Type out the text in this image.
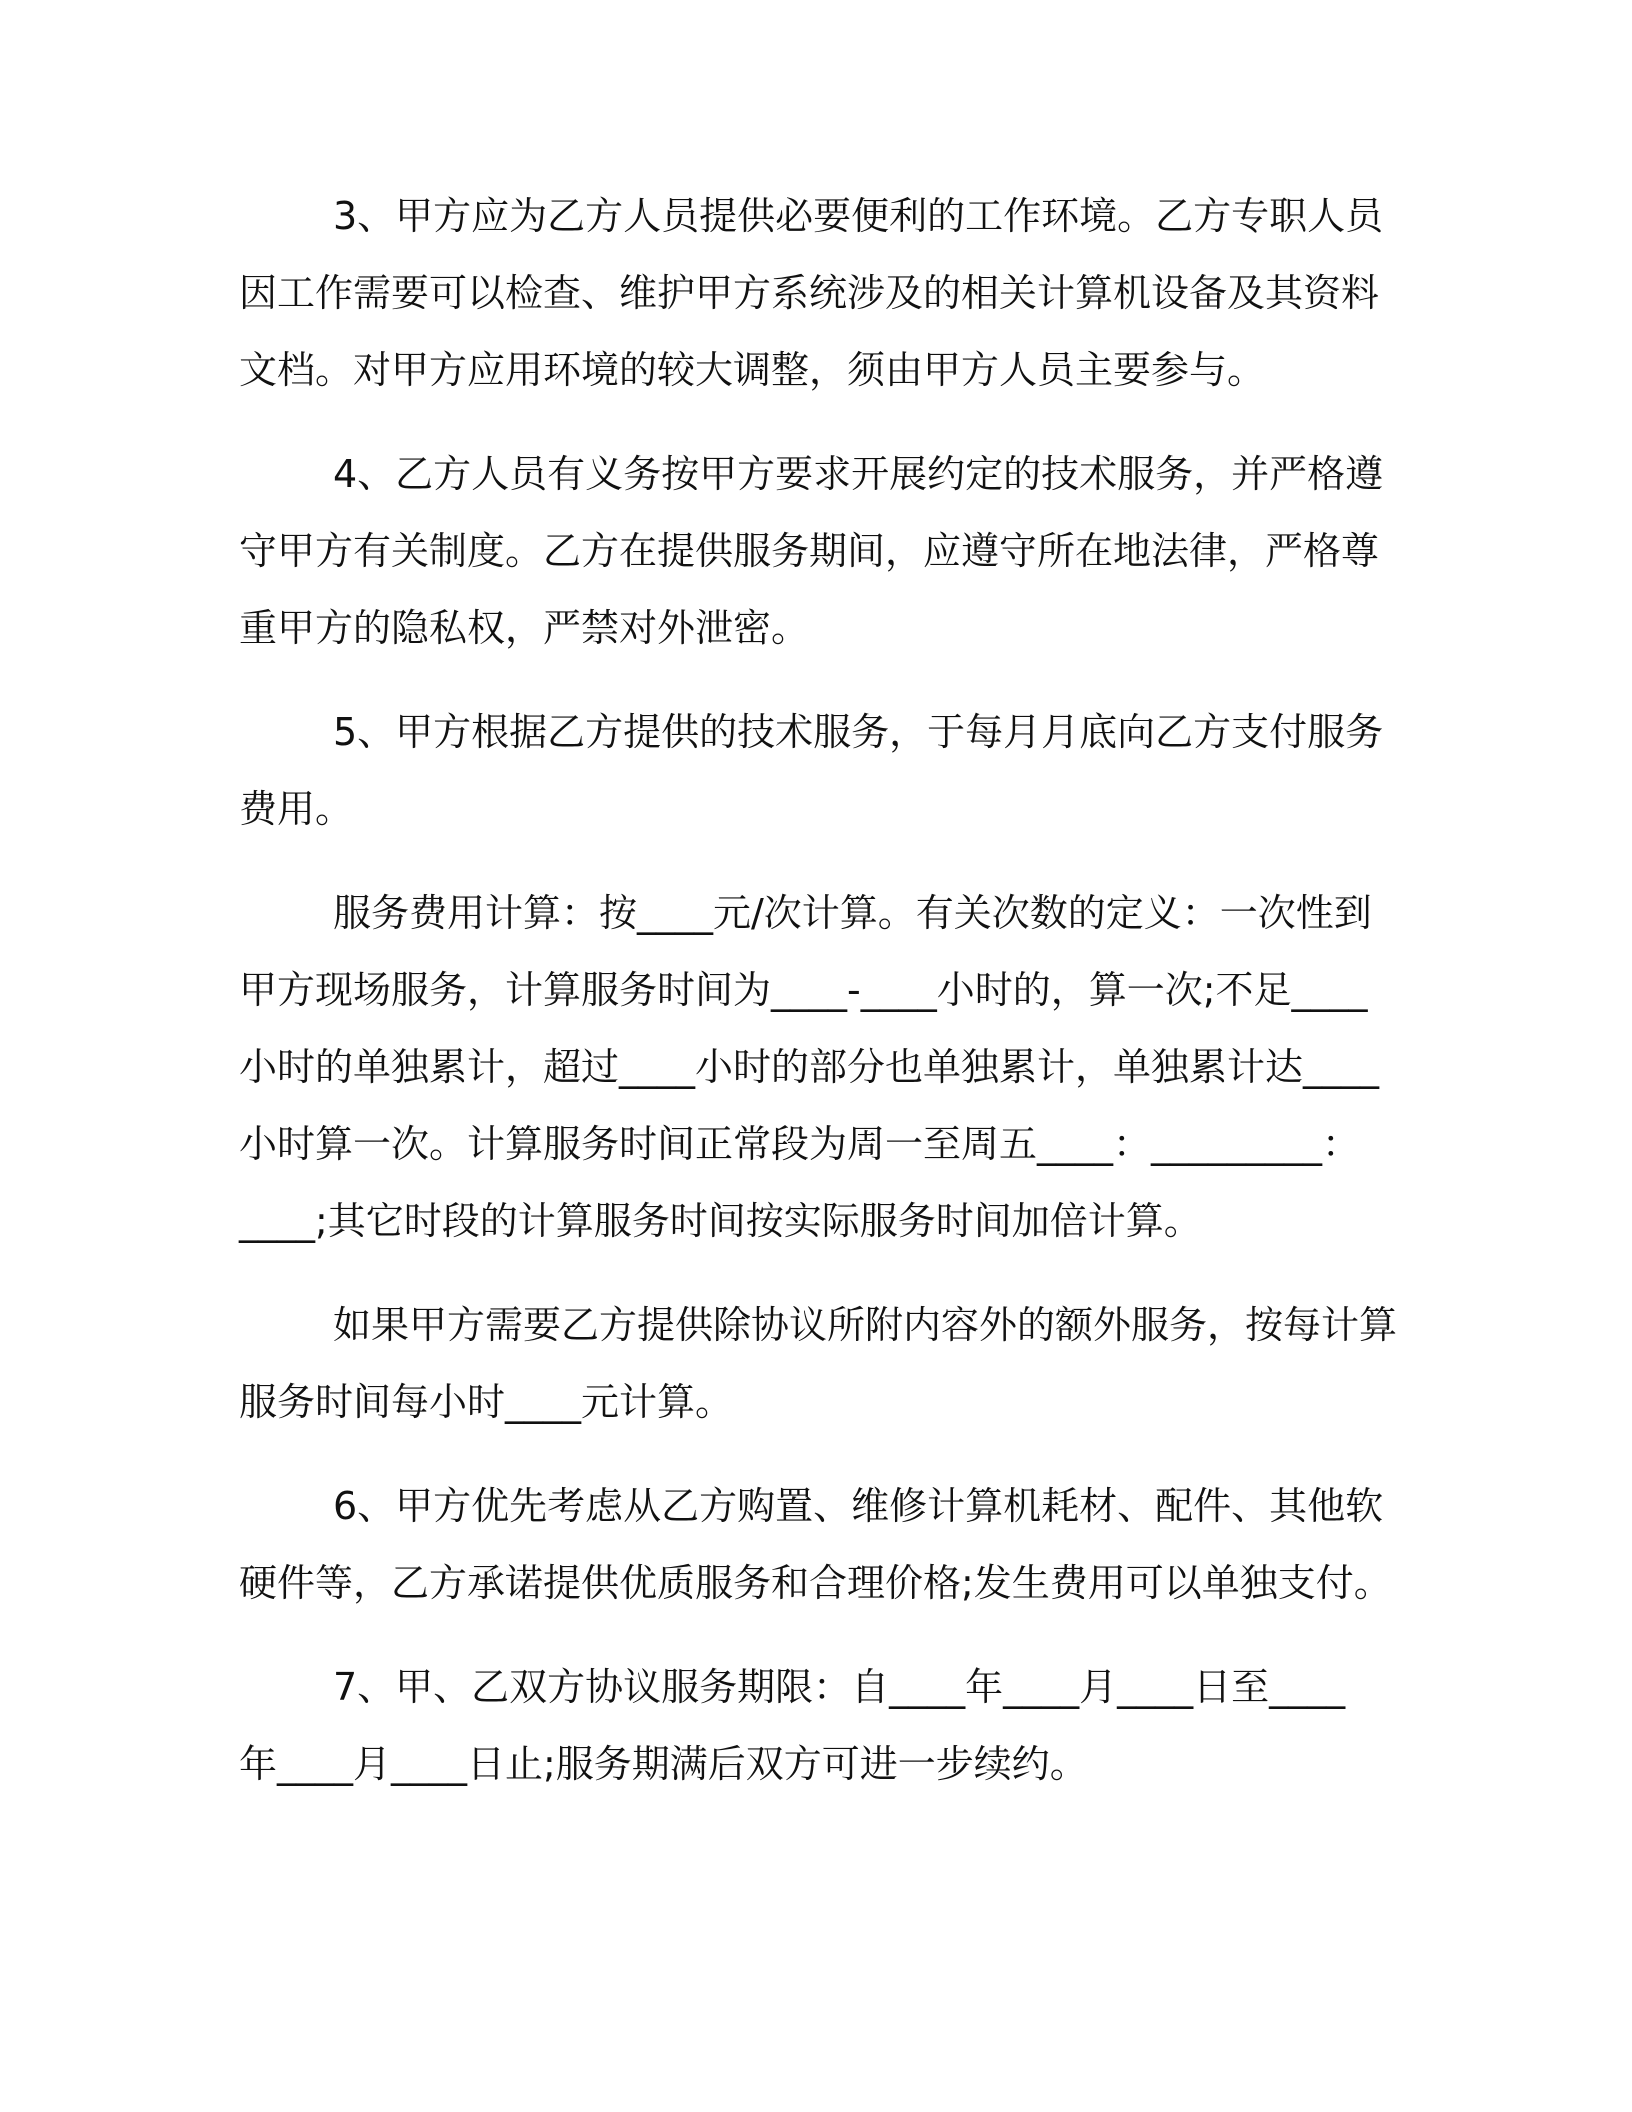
3、甲方应为乙方人员提供必要便利的工作环境。乙方专职人员

因工作需要可以检查、维护甲方系统涉及的相关计算机设备及其资料

文档。对甲方应用环境的较大调整，须由甲方人员主要参与。

4、乙方人员有义务按甲方要求开展约定的技术服务，并严格遵

守甲方有关制度。乙方在提供服务期间，应遵守所在地法律，严格尊

重甲方的隐私权，严禁对外泄密。

5、甲方根据乙方提供的技术服务，于每月月底向乙方支付服务

费用。

服务费用计算：按____元/次计算。有关次数的定义：一次性到

甲方现场服务，计算服务时间为____-____小时的，算一次;不足____

小时的单独累计，超过____小时的部分也单独累计，单独累计达____

小时算一次。计算服务时间正常段为周一至周五____：_________：

____;其它时段的计算服务时间按实际服务时间加倍计算。

如果甲方需要乙方提供除协议所附内容外的额外服务，按每计算

服务时间每小时____元计算。

6、甲方优先考虑从乙方购置、维修计算机耗材、配件、其他软

硬件等，乙方承诺提供优质服务和合理价格;发生费用可以单独支付。

7、甲、乙双方协议服务期限：自____年____月____日至____

年____月____日止;服务期满后双方可进一步续约。
